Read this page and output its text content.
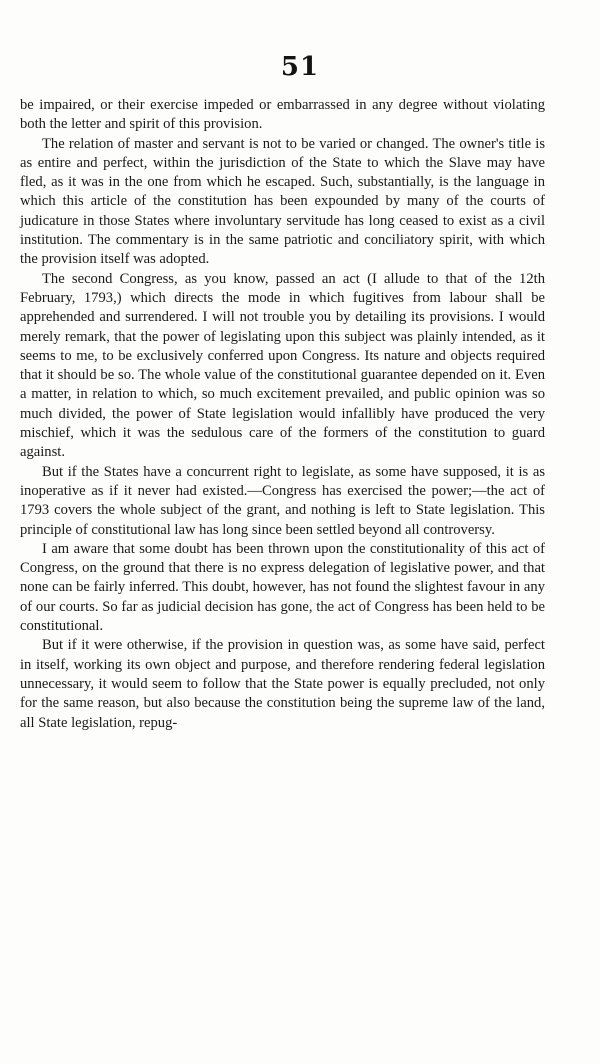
51

be impaired, or their exercise impeded or embarrassed in any degree without violating both the letter and spirit of this provision.

The relation of master and servant is not to be varied or changed. The owner's title is as entire and perfect, within the jurisdiction of the State to which the Slave may have fled, as it was in the one from which he escaped. Such, substantially, is the language in which this article of the constitution has been expounded by many of the courts of judicature in those States where involuntary servitude has long ceased to exist as a civil institution. The commentary is in the same patriotic and conciliatory spirit, with which the provision itself was adopted.

The second Congress, as you know, passed an act (I allude to that of the 12th February, 1793,) which directs the mode in which fugitives from labour shall be apprehended and surrendered. I will not trouble you by detailing its provisions. I would merely remark, that the power of legislating upon this subject was plainly intended, as it seems to me, to be exclusively conferred upon Congress. Its nature and objects required that it should be so. The whole value of the constitutional guarantee depended on it. Even a matter, in relation to which, so much excitement prevailed, and public opinion was so much divided, the power of State legislation would infallibly have produced the very mischief, which it was the sedulous care of the formers of the constitution to guard against.

But if the States have a concurrent right to legislate, as some have supposed, it is as inoperative as if it never had existed.—Congress has exercised the power;—the act of 1793 covers the whole subject of the grant, and nothing is left to State legislation. This principle of constitutional law has long since been settled beyond all controversy.

I am aware that some doubt has been thrown upon the constitutionality of this act of Congress, on the ground that there is no express delegation of legislative power, and that none can be fairly inferred. This doubt, however, has not found the slightest favour in any of our courts. So far as judicial decision has gone, the act of Congress has been held to be constitutional.

But if it were otherwise, if the provision in question was, as some have said, perfect in itself, working its own object and purpose, and therefore rendering federal legislation unnecessary, it would seem to follow that the State power is equally precluded, not only for the same reason, but also because the constitution being the supreme law of the land, all State legislation, repug-
